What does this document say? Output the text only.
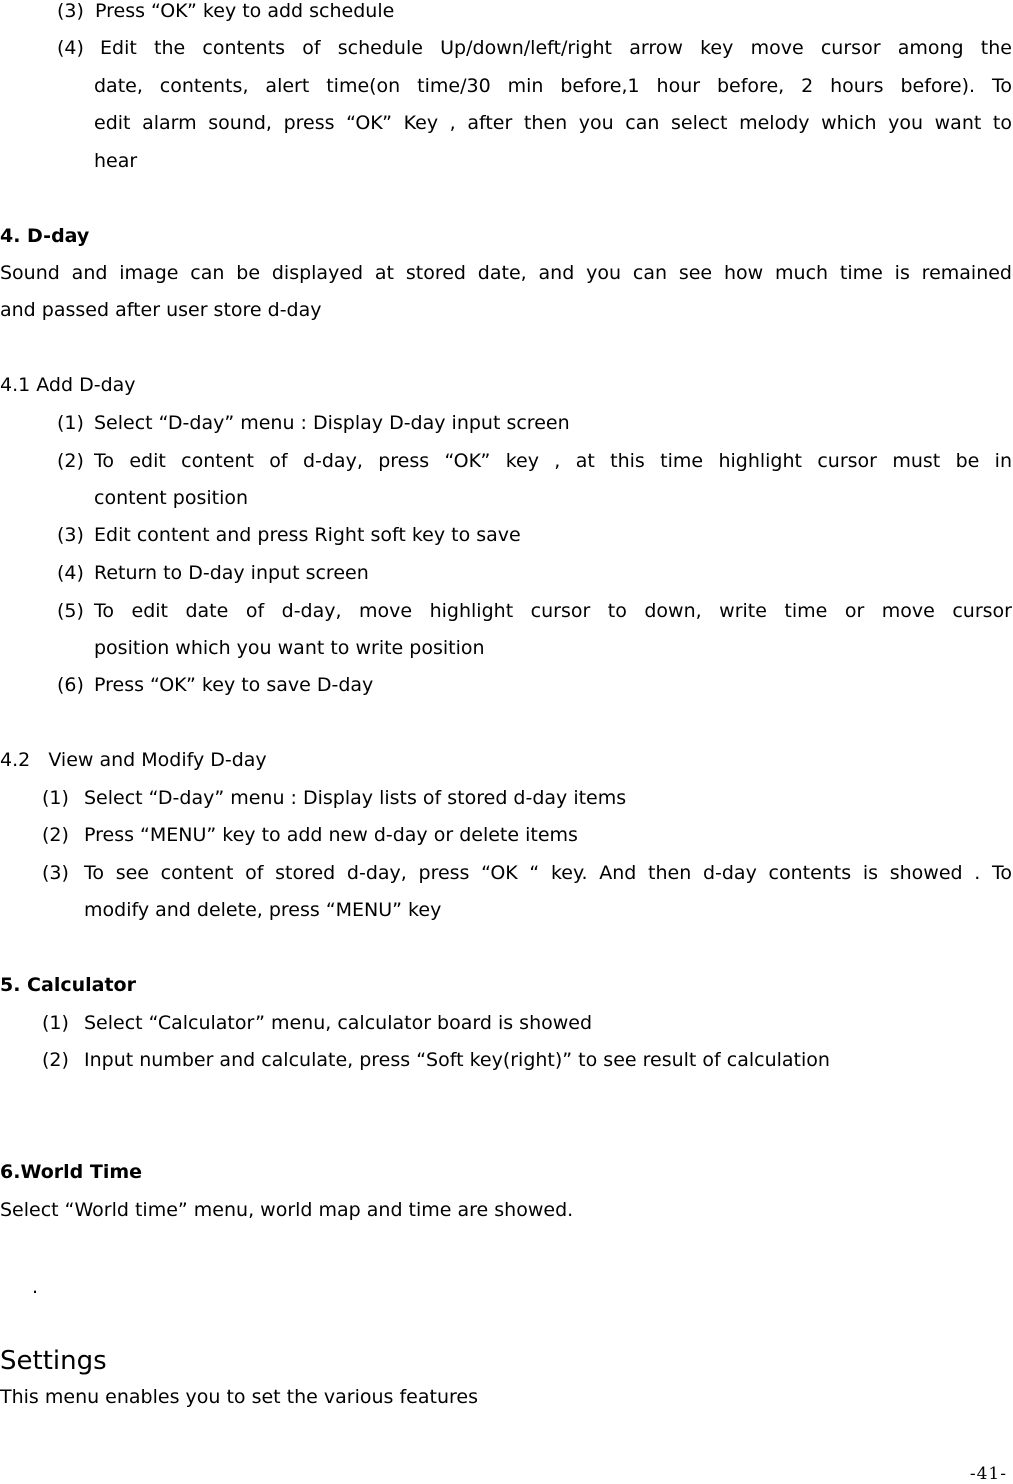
(3) Press “OK” key to add schedule
(4) Edit the contents of schedule Up/down/left/right arrow key move cursor among the
date, contents, alert time(on time/30 min before,1 hour before, 2 hours before). To
edit alarm sound, press “OK” Key , after then you can select melody which you want to
hear
4. D-day
Sound and image can be displayed at stored date, and you can see how much time is remained
and passed after user store d-day
4.1 Add D-day
(1) Select “D-day” menu : Display D-day input screen
(2) To edit content of d-day, press “OK” key , at this time highlight cursor must be in
content position
(3) Edit content and press Right soft key to save
(4) Return to D-day input screen
(5) To edit date of d-day, move highlight cursor to down, write time or move cursor
position which you want to write position
(6) Press “OK” key to save D-day
4.2   View and Modify D-day
(1) Select “D-day” menu : Display lists of stored d-day items
(2) Press “MENU” key to add new d-day or delete items
(3) To see content of stored d-day, press “OK “ key. And then d-day contents is showed . To
modify and delete, press “MENU” key
5. Calculator
(1) Select “Calculator” menu, calculator board is showed
(2) Input number and calculate, press “Soft key(right)” to see result of calculation
6.World Time
Select “World time” menu, world map and time are showed.
.
Settings
This menu enables you to set the various features
-41-
